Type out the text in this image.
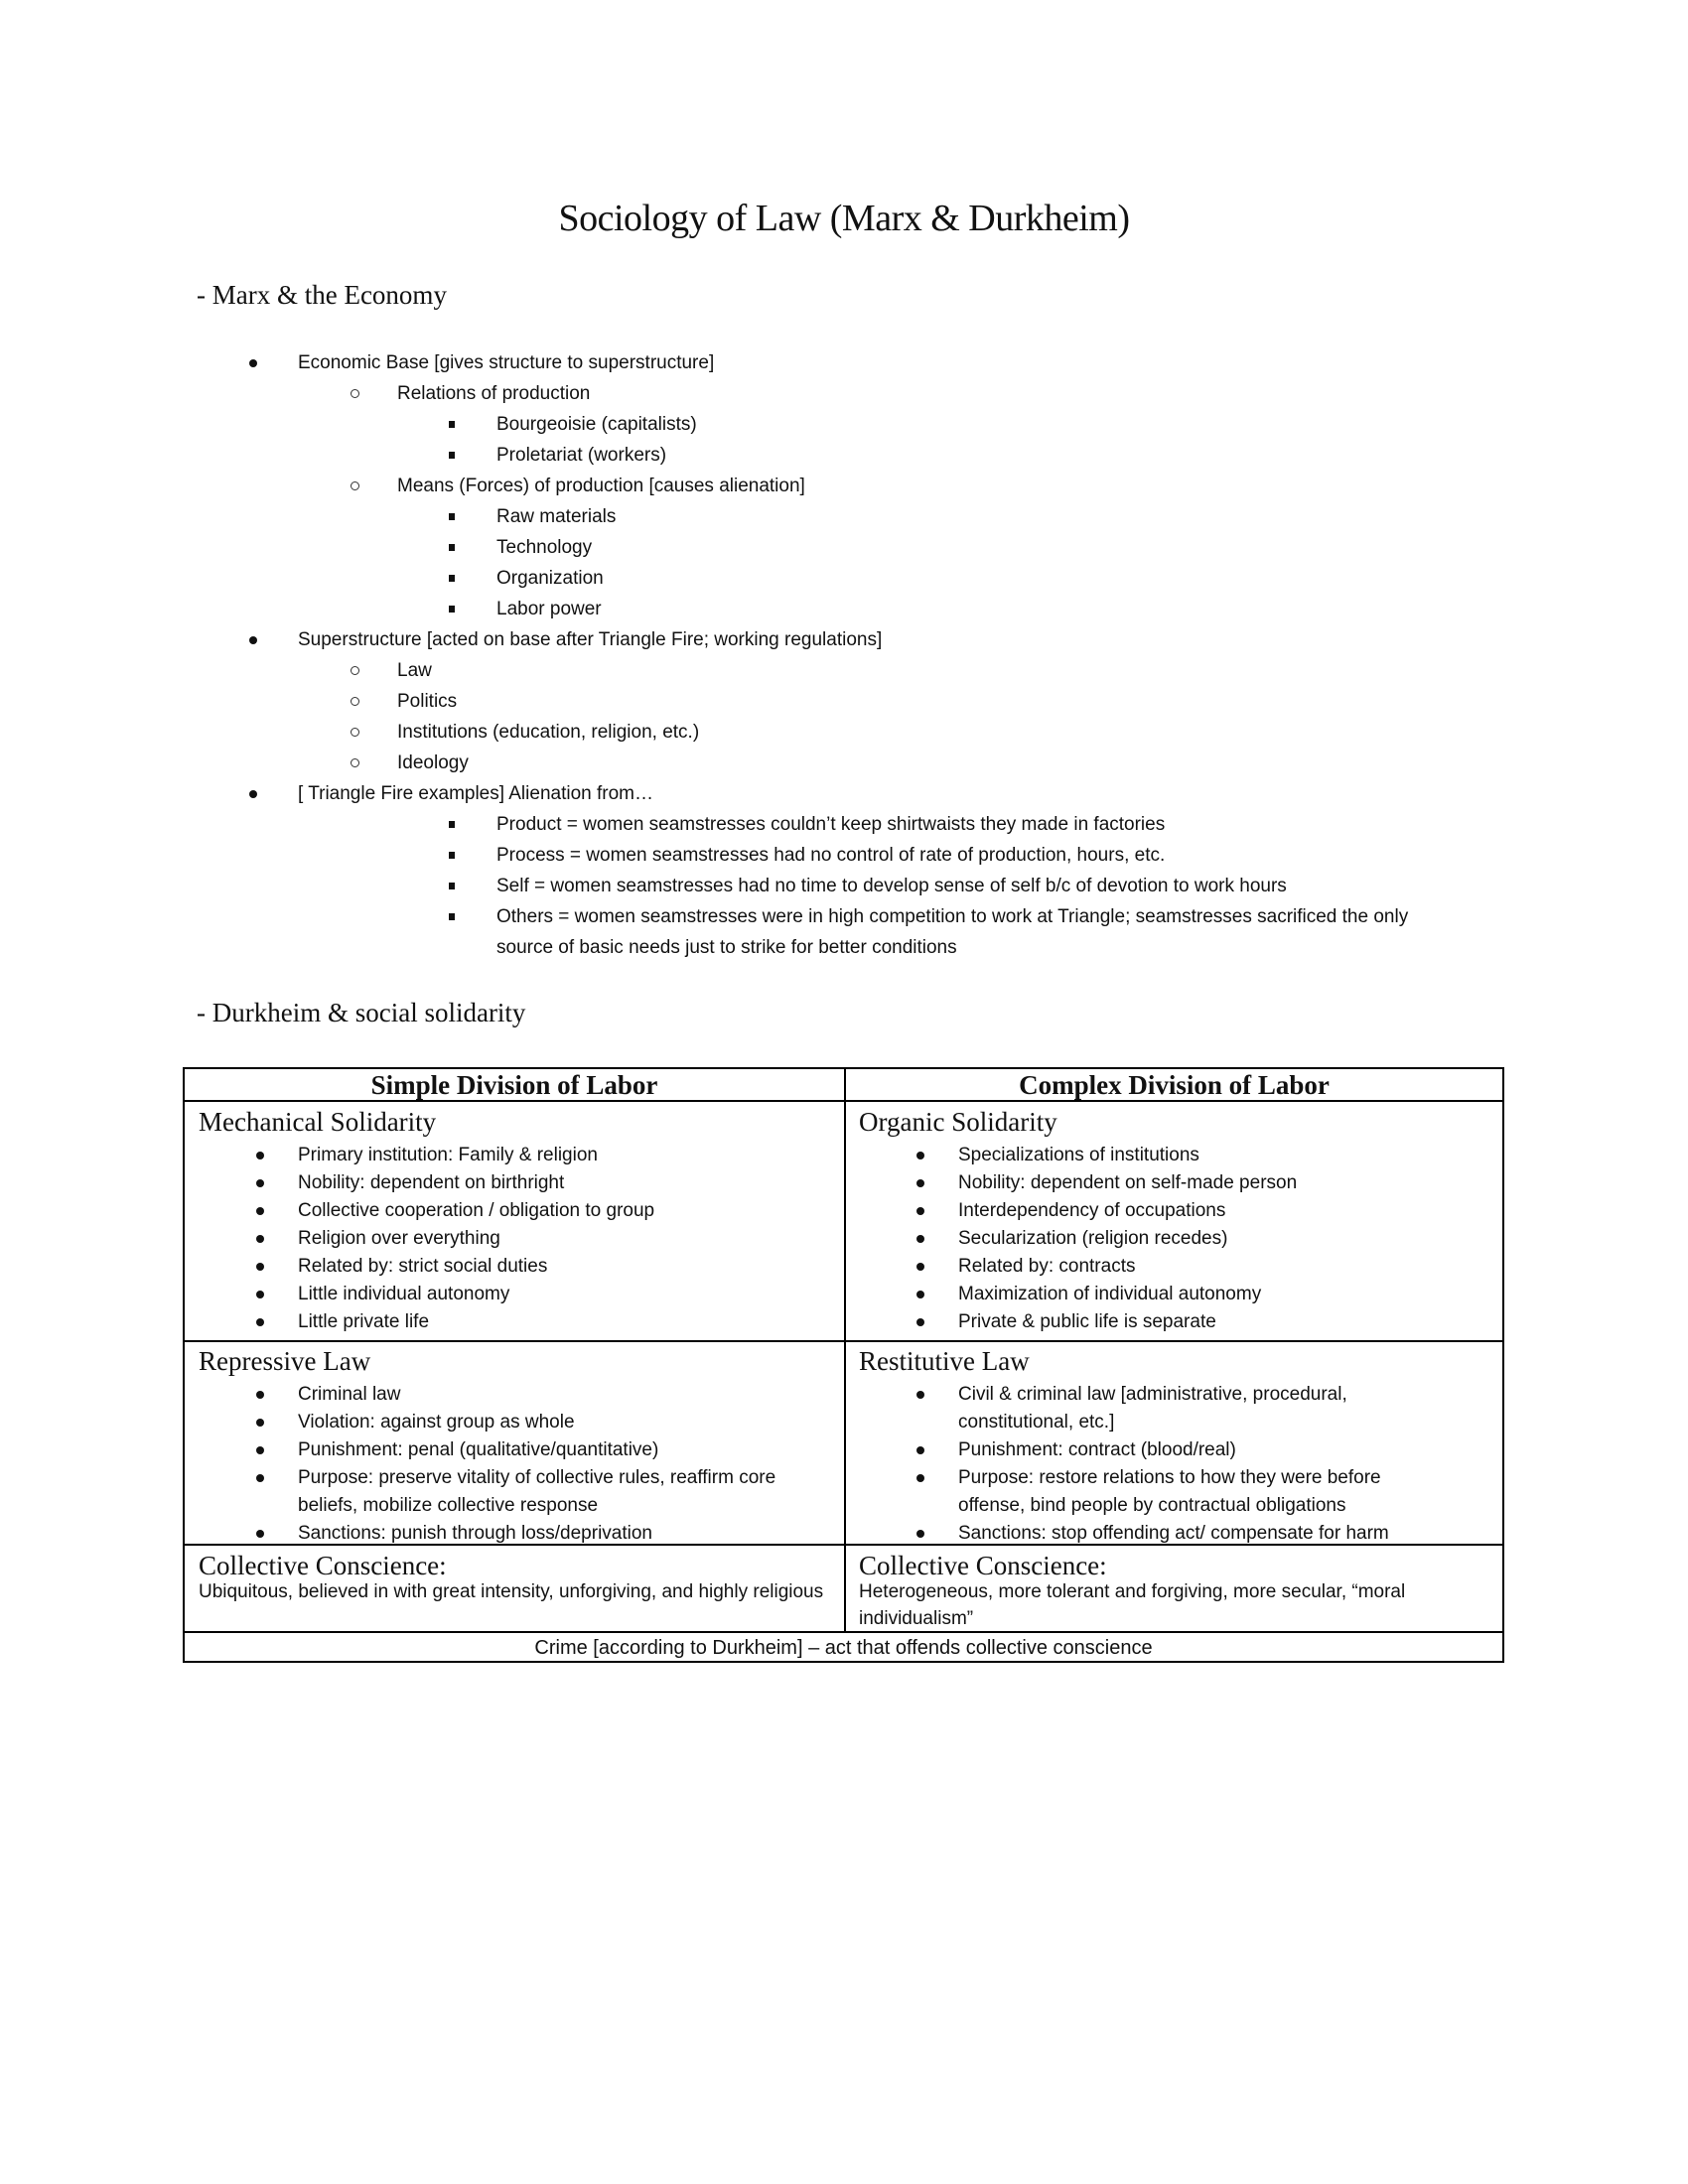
Sociology of Law (Marx & Durkheim)
- Marx & the Economy
Economic Base [gives structure to superstructure]
Relations of production
Bourgeoisie (capitalists)
Proletariat (workers)
Means (Forces) of production [causes alienation]
Raw materials
Technology
Organization
Labor power
Superstructure [acted on base after Triangle Fire; working regulations]
Law
Politics
Institutions (education, religion, etc.)
Ideology
[ Triangle Fire examples] Alienation from…
Product = women seamstresses couldn’t keep shirtwaists they made in factories
Process = women seamstresses had no control of rate of production, hours, etc.
Self = women seamstresses had no time to develop sense of self b/c of devotion to work hours
Others = women seamstresses were in high competition to work at Triangle; seamstresses sacrificed the only
source of basic needs just to strike for better conditions
- Durkheim & social solidarity
Simple Division of Labor	Complex Division of Labor
Mechanical Solidarity
Primary institution: Family & religion
Nobility: dependent on birthright
Collective cooperation / obligation to group
Religion over everything
Related by: strict social duties
Little individual autonomy
Little private life
Organic Solidarity
Specializations of institutions
Nobility: dependent on self-made person
Interdependency of occupations
Secularization (religion recedes)
Related by: contracts
Maximization of individual autonomy
Private & public life is separate
Repressive Law
Criminal law
Violation: against group as whole
Punishment: penal (qualitative/quantitative)
Purpose: preserve vitality of collective rules, reaffirm core beliefs, mobilize collective response
Sanctions: punish through loss/deprivation
Restitutive Law
Civil & criminal law [administrative, procedural, constitutional, etc.]
Punishment: contract (blood/real)
Purpose: restore relations to how they were before offense, bind people by contractual obligations
Sanctions: stop offending act/ compensate for harm
Collective Conscience:
Ubiquitous, believed in with great intensity, unforgiving, and highly religious
Collective Conscience:
Heterogeneous, more tolerant and forgiving, more secular, “moral individualism”
Crime [according to Durkheim] – act that offends collective conscience
